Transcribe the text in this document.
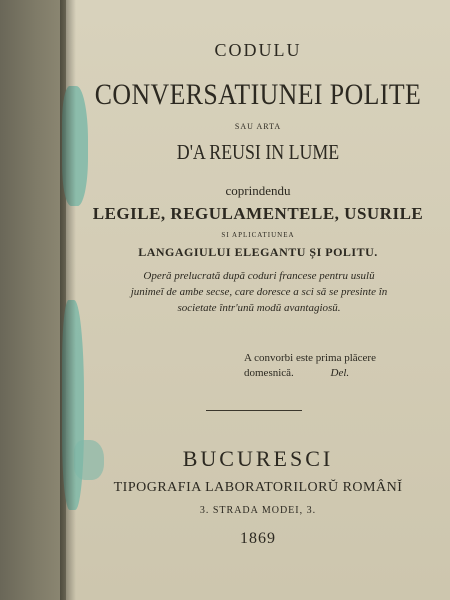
CODULU
CONVERSATIUNEI POLITE
SAU ARTA
D'A REUSI IN LUME
coprindendu
LEGILE, REGULAMENTELE, USURILE
SI APLICATIUNEA
LANGAGIULUI ELEGANTU ȘI POLITU.
Operă prelucrată după coduri francese pentru usulŭ
junimeĭ de ambe secse, care doresce a sci să se presinte în
societate într'unŭ modŭ avantagiosŭ.
A convorbi este prima plăcere
domesnică.	Del.
BUCURESCI
TIPOGRAFIA LABORATORILORŬ ROMÂNĬ
3. STRADA MODEI, 3.
1869
